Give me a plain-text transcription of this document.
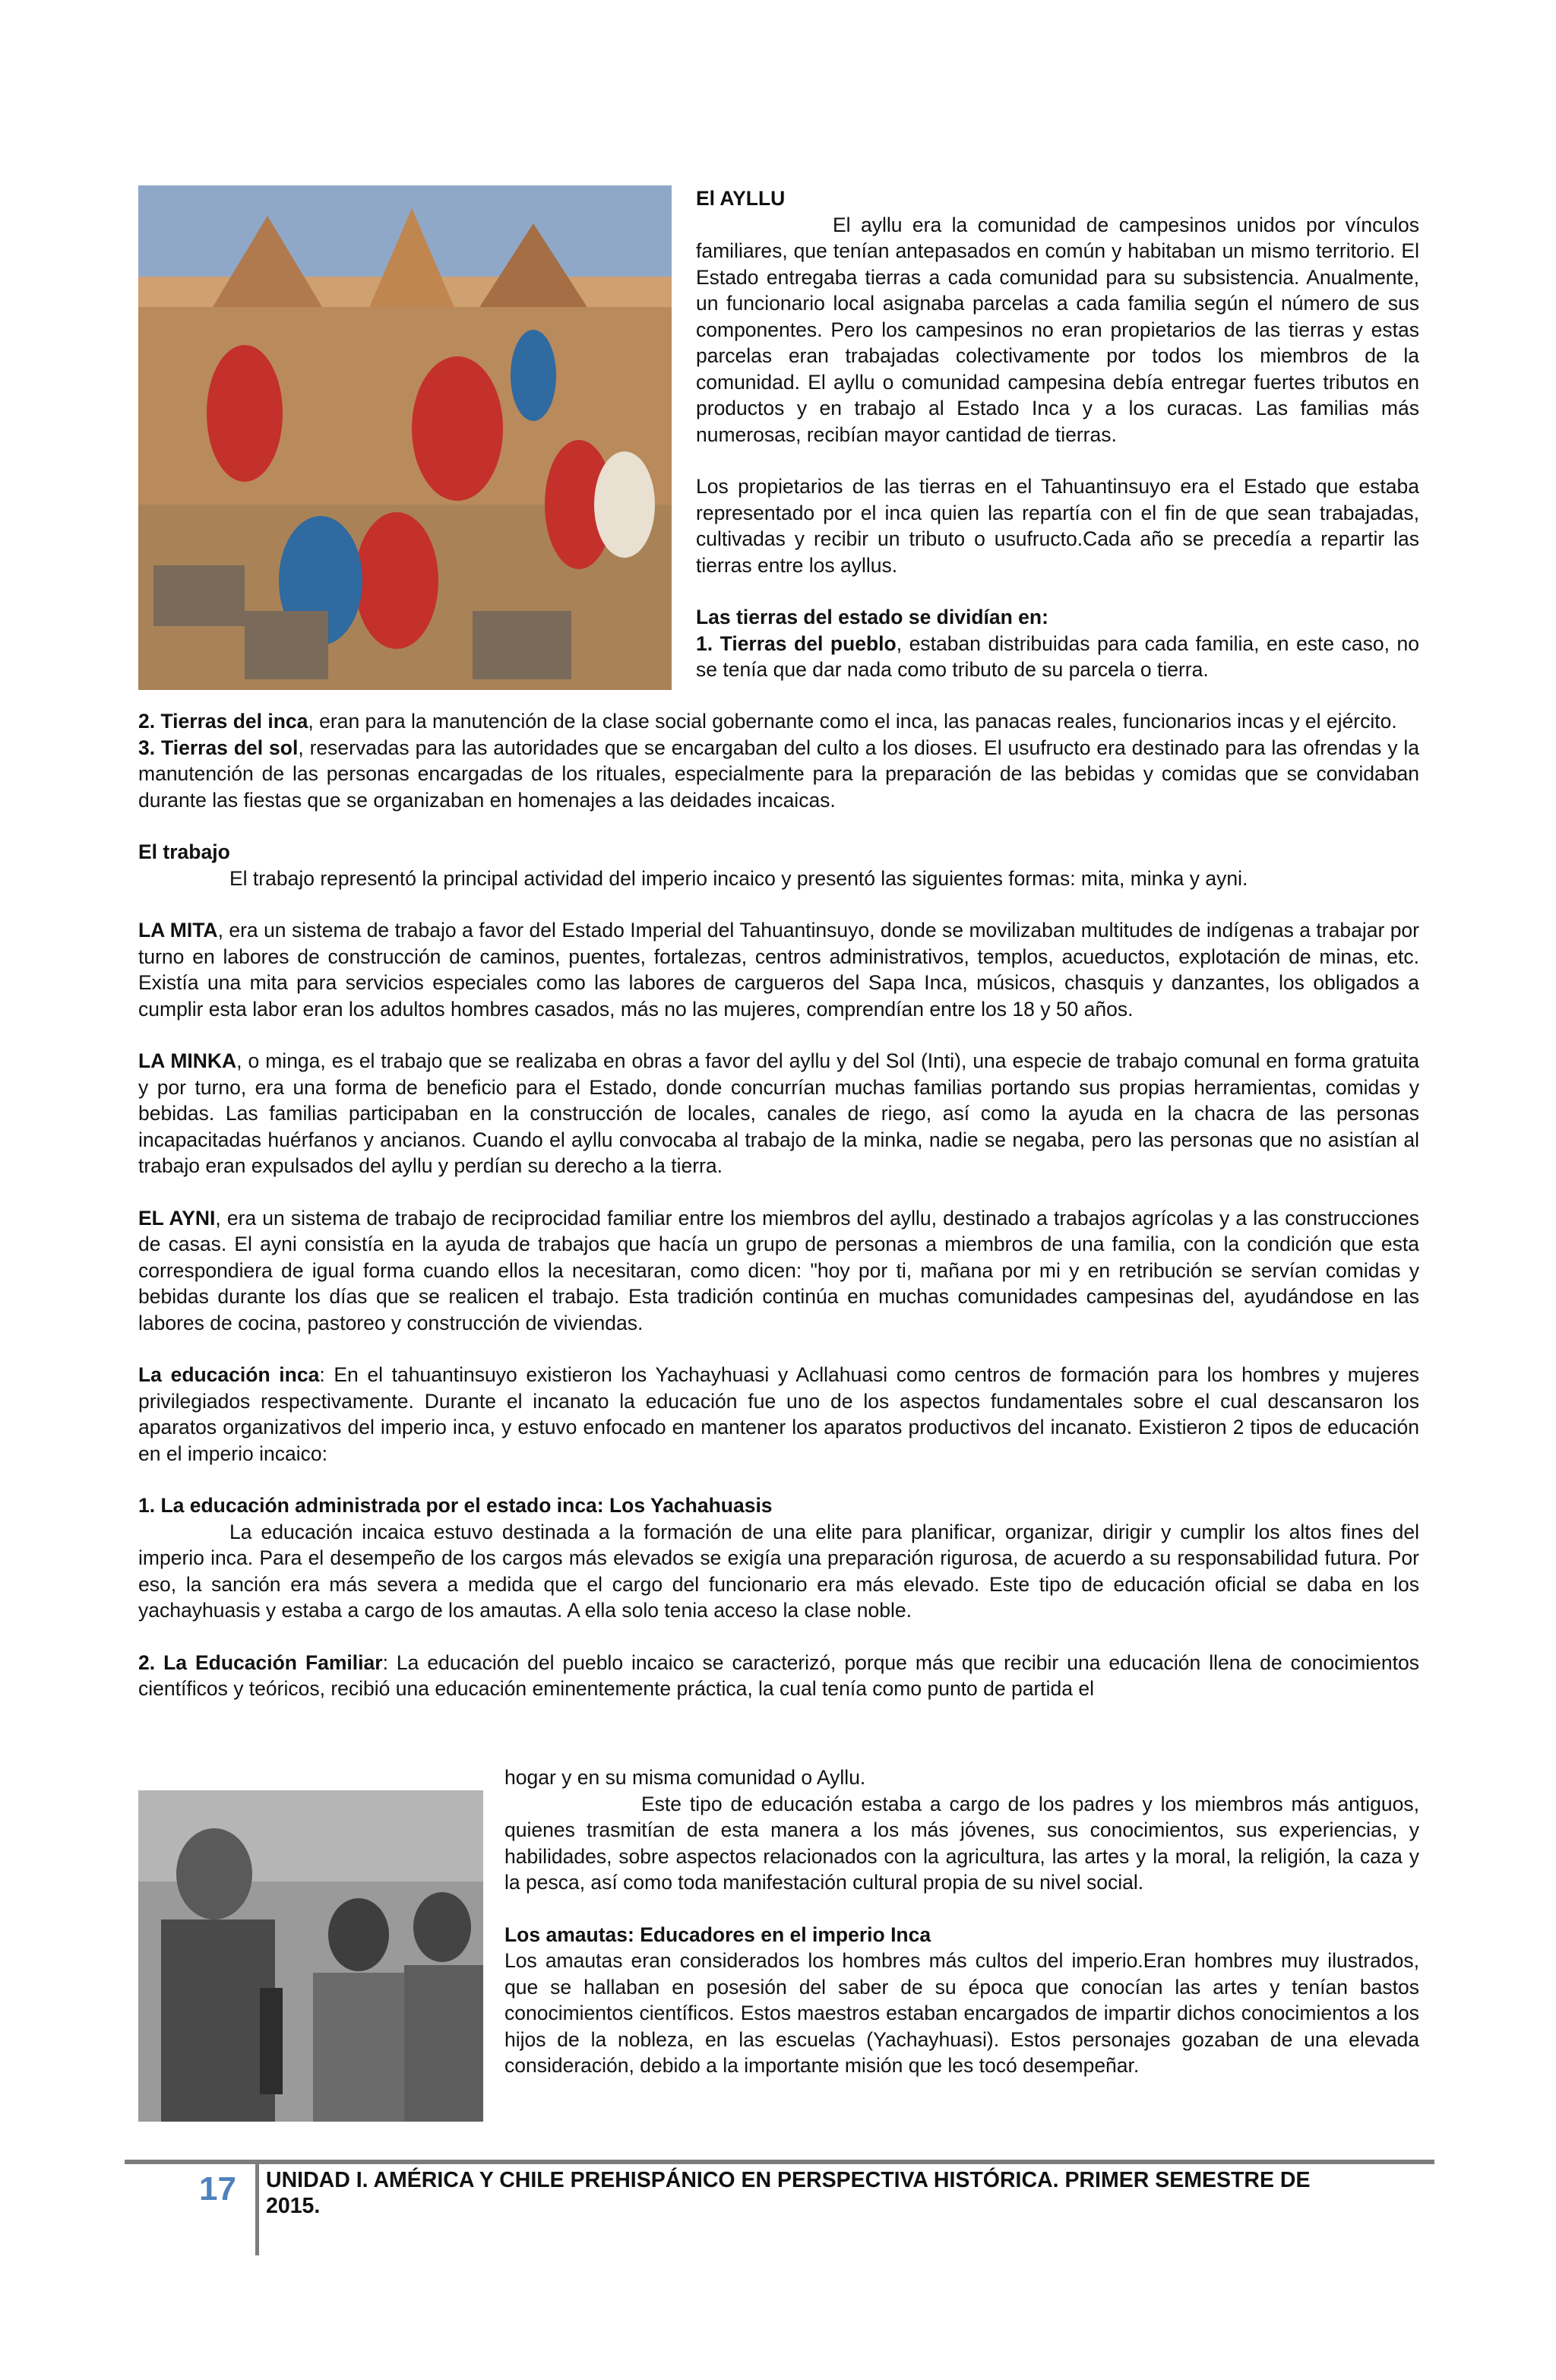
El AYLLU

El ayllu era la comunidad de campesinos unidos por vínculos familiares, que tenían antepasados en común y habitaban un mismo territorio. El Estado entregaba tierras a cada comunidad para su subsistencia. Anualmente, un funcionario local asignaba parcelas a cada familia según el número de sus componentes. Pero los campesinos no eran propietarios de las tierras y estas parcelas eran trabajadas colectivamente por todos los miembros de la comunidad. El ayllu o comunidad campesina debía entregar fuertes tributos en productos y en trabajo al Estado Inca y a los curacas. Las familias más numerosas, recibían mayor cantidad de tierras.

Los propietarios de las tierras en el Tahuantinsuyo era el Estado que estaba representado por el inca quien las repartía con el fin de que sean trabajadas, cultivadas y recibir un tributo o usufructo.Cada año se precedía a repartir las tierras entre los ayllus.

Las tierras del estado se dividían en:

1. Tierras del pueblo, estaban distribuidas para cada familia, en este caso, no se tenía que dar nada como tributo de su parcela o tierra.

2. Tierras del inca, eran para la manutención de la clase social gobernante como el inca, las panacas reales, funcionarios incas y el ejército.

3. Tierras del sol, reservadas para las autoridades que se encargaban del culto a los dioses. El usufructo era destinado para las ofrendas y la manutención de las personas encargadas de los rituales, especialmente para la preparación de las bebidas y comidas que se convidaban durante las fiestas que se organizaban en homenajes a las deidades incaicas.

El trabajo

El trabajo representó la principal actividad del imperio incaico y presentó las siguientes formas: mita, minka y ayni.

LA MITA, era un sistema de trabajo a favor del Estado Imperial del Tahuantinsuyo, donde se movilizaban multitudes de indígenas a trabajar por turno en labores de construcción de caminos, puentes, fortalezas, centros administrativos, templos, acueductos, explotación de minas, etc. Existía una mita para servicios especiales como las labores de cargueros del Sapa Inca, músicos, chasquis y danzantes, los obligados a cumplir esta labor eran los adultos hombres casados, más no las mujeres, comprendían entre los 18 y 50 años.

LA MINKA, o minga, es el trabajo que se realizaba en obras a favor del ayllu y del Sol (Inti), una especie de trabajo comunal en forma gratuita y por turno, era una forma de beneficio para el Estado, donde concurrían muchas familias portando sus propias herramientas, comidas y bebidas. Las familias participaban en la construcción de locales, canales de riego, así como la ayuda en la chacra de las personas incapacitadas huérfanos y ancianos. Cuando el ayllu convocaba al trabajo de la minka, nadie se negaba, pero las personas que no asistían al trabajo eran expulsados del ayllu y perdían su derecho a la tierra.

EL AYNI, era un sistema de trabajo de reciprocidad familiar entre los miembros del ayllu, destinado a trabajos agrícolas y a las construcciones de casas. El ayni consistía en la ayuda de trabajos que hacía un grupo de personas a miembros de una familia, con la condición que esta correspondiera de igual forma cuando ellos la necesitaran, como dicen: "hoy por ti, mañana por mi y en retribución se servían comidas y bebidas durante los días que se realicen el trabajo. Esta tradición continúa en muchas comunidades campesinas del, ayudándose en las labores de cocina, pastoreo y construcción de viviendas.

La educación inca: En el tahuantinsuyo existieron los Yachayhuasi y Acllahuasi como centros de formación para los hombres y mujeres privilegiados respectivamente. Durante el incanato la educación fue uno de los aspectos fundamentales sobre el cual descansaron los aparatos organizativos del imperio inca, y estuvo enfocado en mantener los aparatos productivos del incanato. Existieron 2 tipos de educación en el imperio incaico:

1. La educación administrada por el estado inca: Los Yachahuasis

La educación incaica estuvo destinada a la formación de una elite para planificar, organizar, dirigir y cumplir los altos fines del imperio inca. Para el desempeño de los cargos más elevados se exigía una preparación rigurosa, de acuerdo a su responsabilidad futura. Por eso, la sanción era más severa a medida que el cargo del funcionario era más elevado. Este tipo de educación oficial se daba en los yachayhuasis y estaba a cargo de los amautas. A ella solo tenia acceso la clase noble.

2. La Educación Familiar: La educación del pueblo incaico se caracterizó, porque más que recibir una educación llena de conocimientos científicos y teóricos, recibió una educación eminentemente práctica, la cual tenía como punto de partida el

hogar y en su misma comunidad o Ayllu.

Este tipo de educación estaba a cargo de los padres y los miembros más antiguos, quienes trasmitían de esta manera a los más jóvenes, sus conocimientos, sus experiencias, y habilidades, sobre aspectos relacionados con la agricultura, las artes y la moral, la religión, la caza y la pesca, así como toda manifestación cultural propia de su nivel social.

Los amautas: Educadores en el imperio Inca

Los amautas eran considerados los hombres más cultos del imperio.Eran hombres muy ilustrados, que se hallaban en posesión del saber de su época que conocían las artes y tenían bastos conocimientos científicos. Estos maestros estaban encargados de impartir dichos conocimientos a los hijos de la nobleza, en las escuelas (Yachayhuasi). Estos personajes gozaban de una elevada consideración, debido a la importante misión que les tocó desempeñar.

17 UNIDAD I. AMÉRICA Y CHILE PREHISPÁNICO EN PERSPECTIVA HISTÓRICA. PRIMER SEMESTRE DE 2015.
